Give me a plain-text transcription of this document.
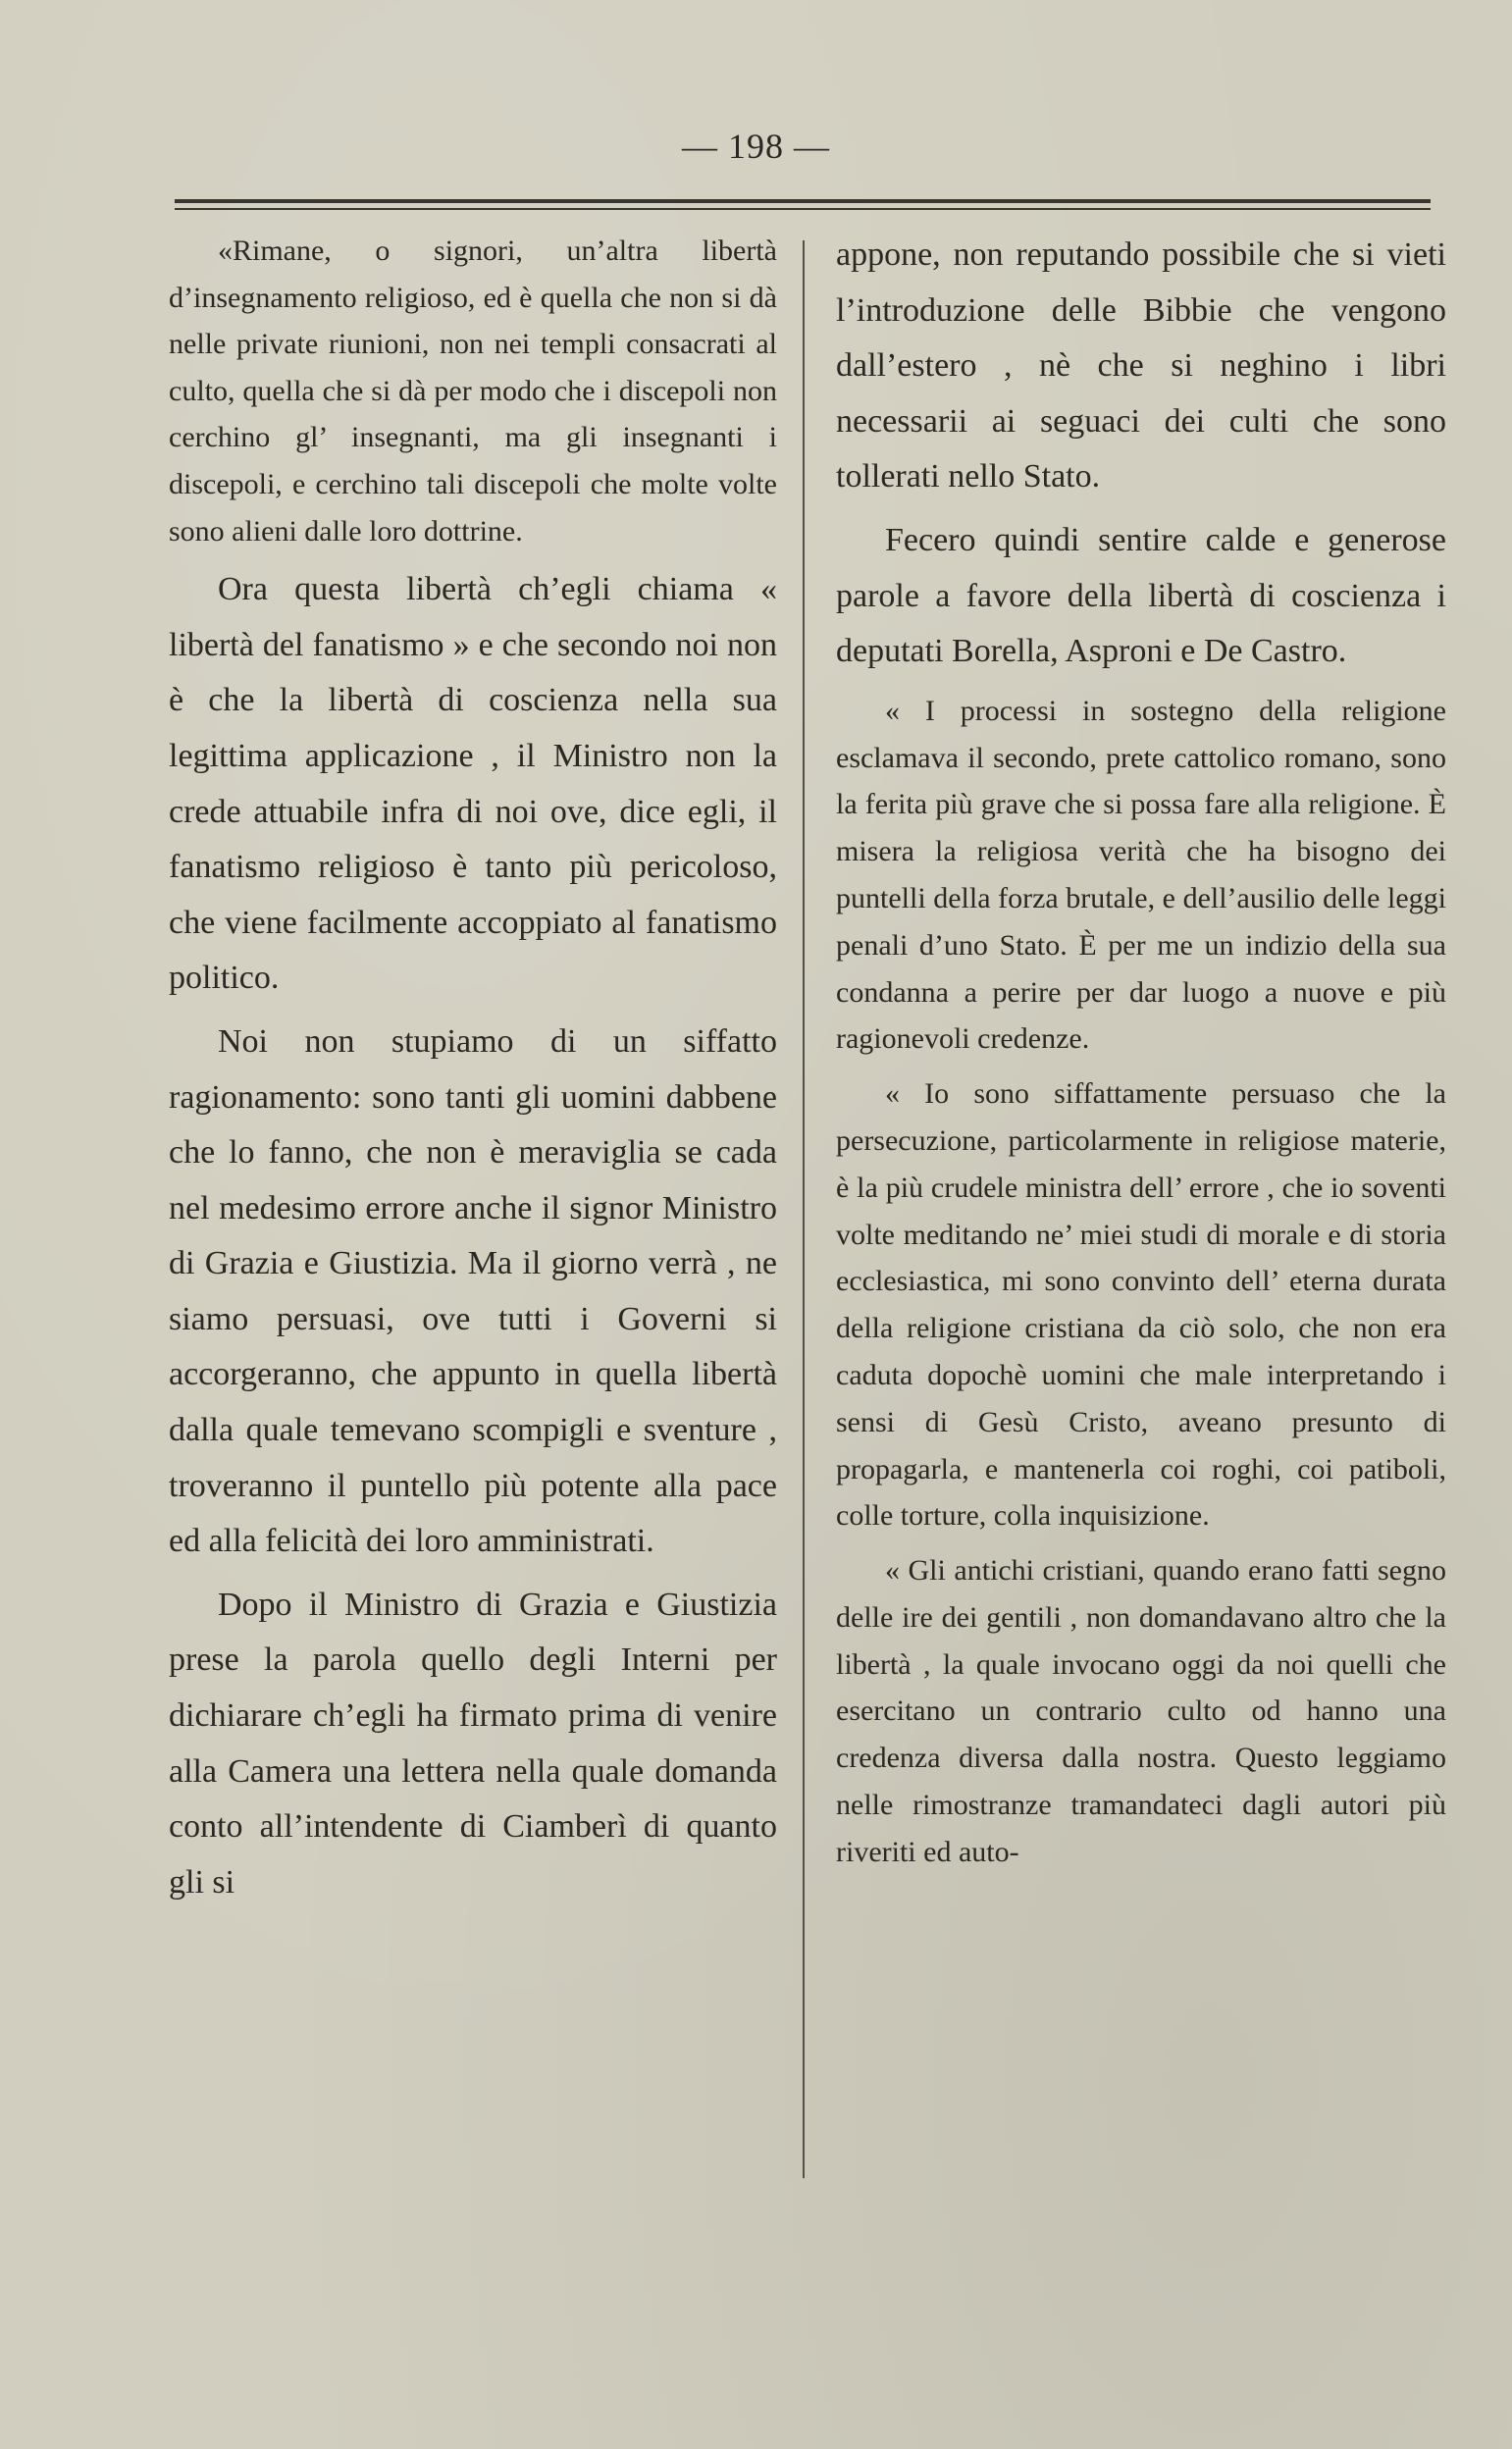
— 198 —

«Rimane, o signori, un’altra libertà d’insegnamento religioso, ed è quella che non si dà nelle private riunioni, non nei templi consacrati al culto, quella che si dà per modo che i discepoli non cerchino gl’ insegnanti, ma gli insegnanti i discepoli, e cerchino tali discepoli che molte volte sono alieni dalle loro dottrine.

Ora questa libertà ch’egli chiama « libertà del fanatismo » e che secondo noi non è che la libertà di coscienza nella sua legittima applicazione , il Ministro non la crede attuabile infra di noi ove, dice egli, il fanatismo religioso è tanto più pericoloso, che viene facilmente accoppiato al fanatismo politico.

Noi non stupiamo di un siffatto ragionamento: sono tanti gli uomini dabbene che lo fanno, che non è meraviglia se cada nel medesimo errore anche il signor Ministro di Grazia e Giustizia. Ma il giorno verrà , ne siamo persuasi, ove tutti i Governi si accorgeranno, che appunto in quella libertà dalla quale temevano scompigli e sventure , troveranno il puntello più potente alla pace ed alla felicità dei loro amministrati.

Dopo il Ministro di Grazia e Giustizia prese la parola quello degli Interni per dichiarare ch’egli ha firmato prima di venire alla Camera una lettera nella quale domanda conto all’intendente di Ciamberì di quanto gli si

appone, non reputando possibile che si vieti l’introduzione delle Bibbie che vengono dall’estero , nè che si neghino i libri necessarii ai seguaci dei culti che sono tollerati nello Stato.

Fecero quindi sentire calde e generose parole a favore della libertà di coscienza i deputati Borella, Asproni e De Castro.

« I processi in sostegno della religione esclamava il secondo, prete cattolico romano, sono la ferita più grave che si possa fare alla religione. È misera la religiosa verità che ha bisogno dei puntelli della forza brutale, e dell’ausilio delle leggi penali d’uno Stato. È per me un indizio della sua condanna a perire per dar luogo a nuove e più ragionevoli credenze.

« Io sono siffattamente persuaso che la persecuzione, particolarmente in religiose materie, è la più crudele ministra dell’ errore , che io soventi volte meditando ne’ miei studi di morale e di storia ecclesiastica, mi sono convinto dell’ eterna durata della religione cristiana da ciò solo, che non era caduta dopochè uomini che male interpretando i sensi di Gesù Cristo, aveano presunto di propagarla, e mantenerla coi roghi, coi patiboli, colle torture, colla inquisizione.

« Gli antichi cristiani, quando erano fatti segno delle ire dei gentili , non domandavano altro che la libertà , la quale invocano oggi da noi quelli che esercitano un contrario culto od hanno una credenza diversa dalla nostra. Questo leggiamo nelle rimostranze tramandateci dagli autori più riveriti ed auto-
